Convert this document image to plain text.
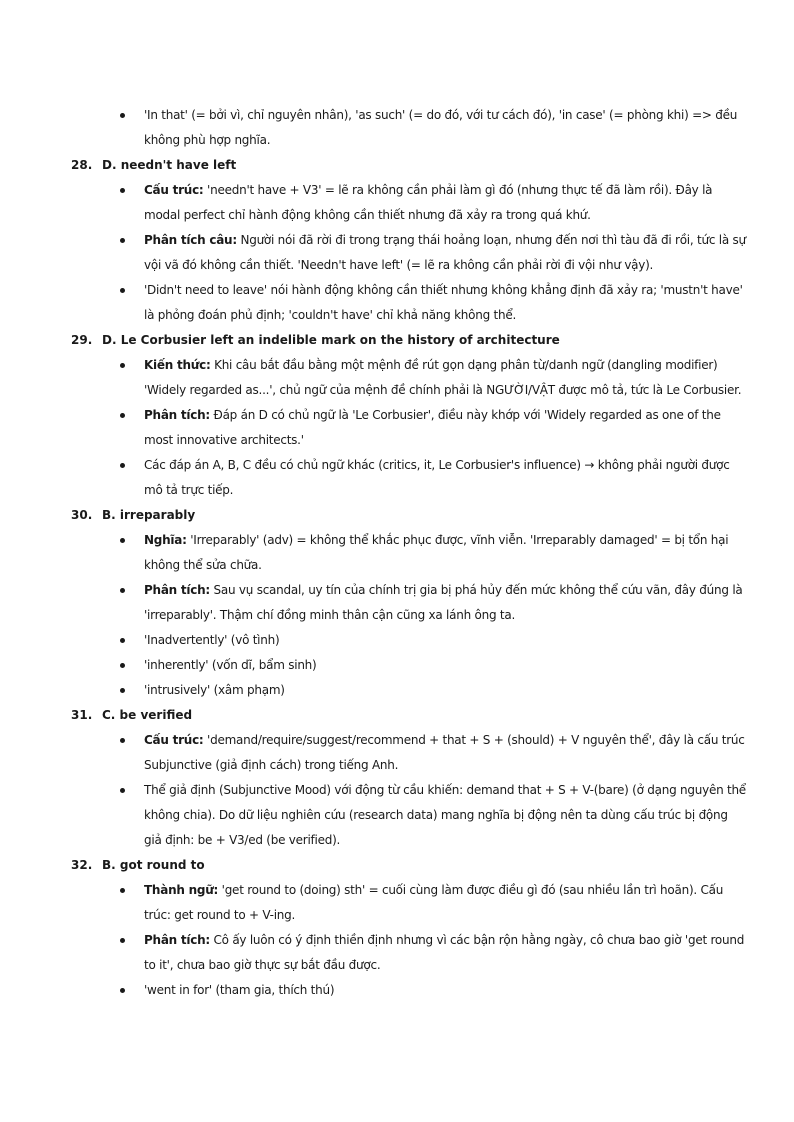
'In that' (= bởi vì, chỉ nguyên nhân), 'as such' (= do đó, với tư cách đó), 'in case' (= phòng khi) => đều không phù hợp nghĩa.
28. D. needn't have left
Cấu trúc: 'needn't have + V3' = lẽ ra không cần phải làm gì đó (nhưng thực tế đã làm rồi). Đây là modal perfect chỉ hành động không cần thiết nhưng đã xảy ra trong quá khứ.
Phân tích câu: Người nói đã rời đi trong trạng thái hoảng loạn, nhưng đến nơi thì tàu đã đi rồi, tức là sự vội vã đó không cần thiết. 'Needn't have left' (= lẽ ra không cần phải rời đi vội như vậy).
'Didn't need to leave' nói hành động không cần thiết nhưng không khẳng định đã xảy ra; 'mustn't have' là phỏng đoán phủ định; 'couldn't have' chỉ khả năng không thể.
29. D. Le Corbusier left an indelible mark on the history of architecture
Kiến thức: Khi câu bắt đầu bằng một mệnh đề rút gọn dạng phân từ/danh ngữ (dangling modifier) 'Widely regarded as...', chủ ngữ của mệnh đề chính phải là NGƯỜI/VẬT được mô tả, tức là Le Corbusier.
Phân tích: Đáp án D có chủ ngữ là 'Le Corbusier', điều này khớp với 'Widely regarded as one of the most innovative architects.'
Các đáp án A, B, C đều có chủ ngữ khác (critics, it, Le Corbusier's influence) → không phải người được mô tả trực tiếp.
30. B. irreparably
Nghĩa: 'Irreparably' (adv) = không thể khắc phục được, vĩnh viễn. 'Irreparably damaged' = bị tổn hại không thể sửa chữa.
Phân tích: Sau vụ scandal, uy tín của chính trị gia bị phá hủy đến mức không thể cứu vãn, đây đúng là 'irreparably'. Thậm chí đồng minh thân cận cũng xa lánh ông ta.
'Inadvertently' (vô tình)
'inherently' (vốn dĩ, bẩm sinh)
'intrusively' (xâm phạm)
31. C. be verified
Cấu trúc: 'demand/require/suggest/recommend + that + S + (should) + V nguyên thể', đây là cấu trúc Subjunctive (giả định cách) trong tiếng Anh.
Thể giả định (Subjunctive Mood) với động từ cầu khiến: demand that + S + V-(bare) (ở dạng nguyên thể không chia). Do dữ liệu nghiên cứu (research data) mang nghĩa bị động nên ta dùng cấu trúc bị động giả định: be + V3/ed (be verified).
32. B. got round to
Thành ngữ: 'get round to (doing) sth' = cuối cùng làm được điều gì đó (sau nhiều lần trì hoãn). Cấu trúc: get round to + V-ing.
Phân tích: Cô ấy luôn có ý định thiền định nhưng vì các bận rộn hằng ngày, cô chưa bao giờ 'get round to it', chưa bao giờ thực sự bắt đầu được.
'went in for' (tham gia, thích thú)
